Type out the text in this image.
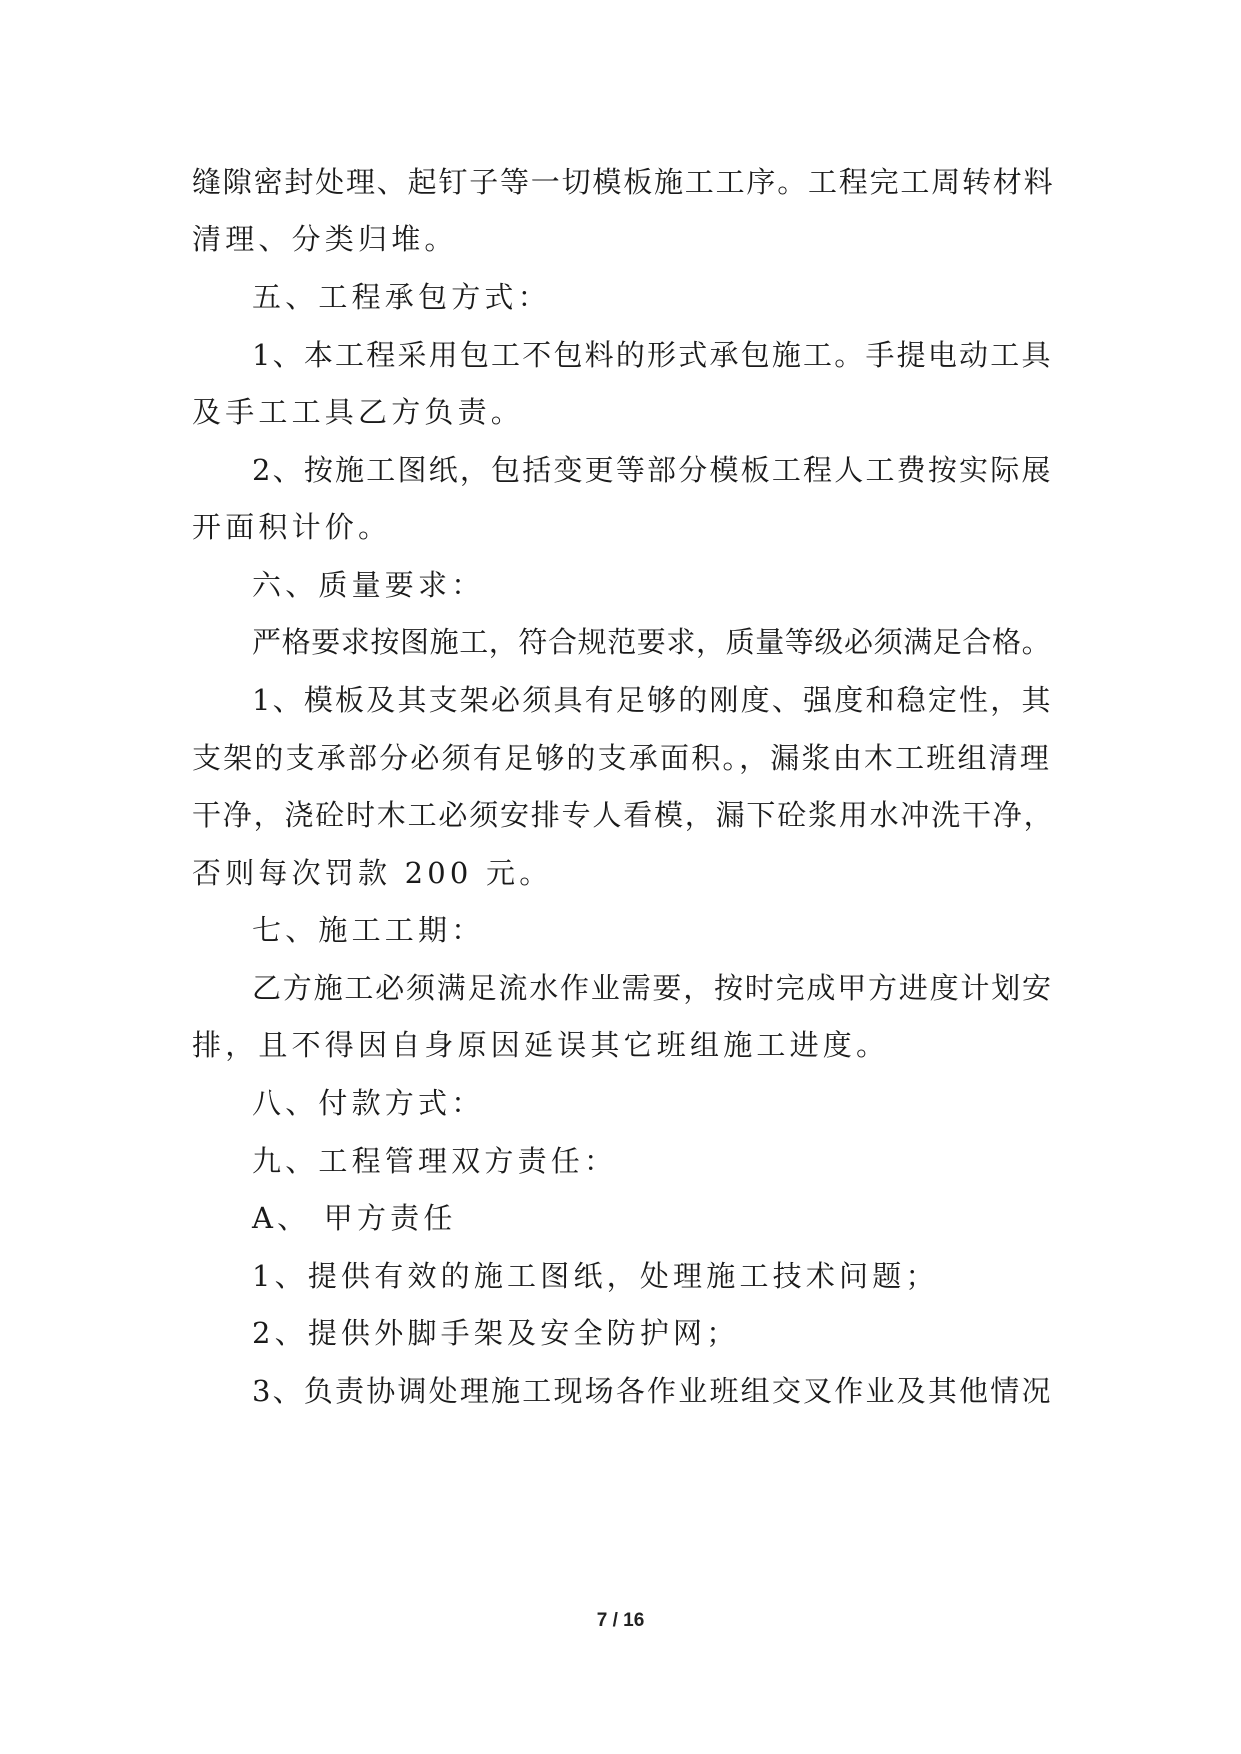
缝隙密封处理、起钉子等一切模板施工工序。工程完工周转材料
清理、分类归堆。
五、工程承包方式：
1、本工程采用包工不包料的形式承包施工。手提电动工具
及手工工具乙方负责。
2、按施工图纸，包括变更等部分模板工程人工费按实际展
开面积计价。
六、质量要求：
严格要求按图施工，符合规范要求，质量等级必须满足合格。
1、模板及其支架必须具有足够的刚度、强度和稳定性，其
支架的支承部分必须有足够的支承面积。，漏浆由木工班组清理
干净，浇砼时木工必须安排专人看模，漏下砼浆用水冲洗干净，
否则每次罚款 200 元。
七、施工工期：
乙方施工必须满足流水作业需要，按时完成甲方进度计划安
排，且不得因自身原因延误其它班组施工进度。
八、付款方式：
九、工程管理双方责任：
A、 甲方责任
1、提供有效的施工图纸，处理施工技术问题；
2、提供外脚手架及安全防护网；
3、负责协调处理施工现场各作业班组交叉作业及其他情况
7 / 16
